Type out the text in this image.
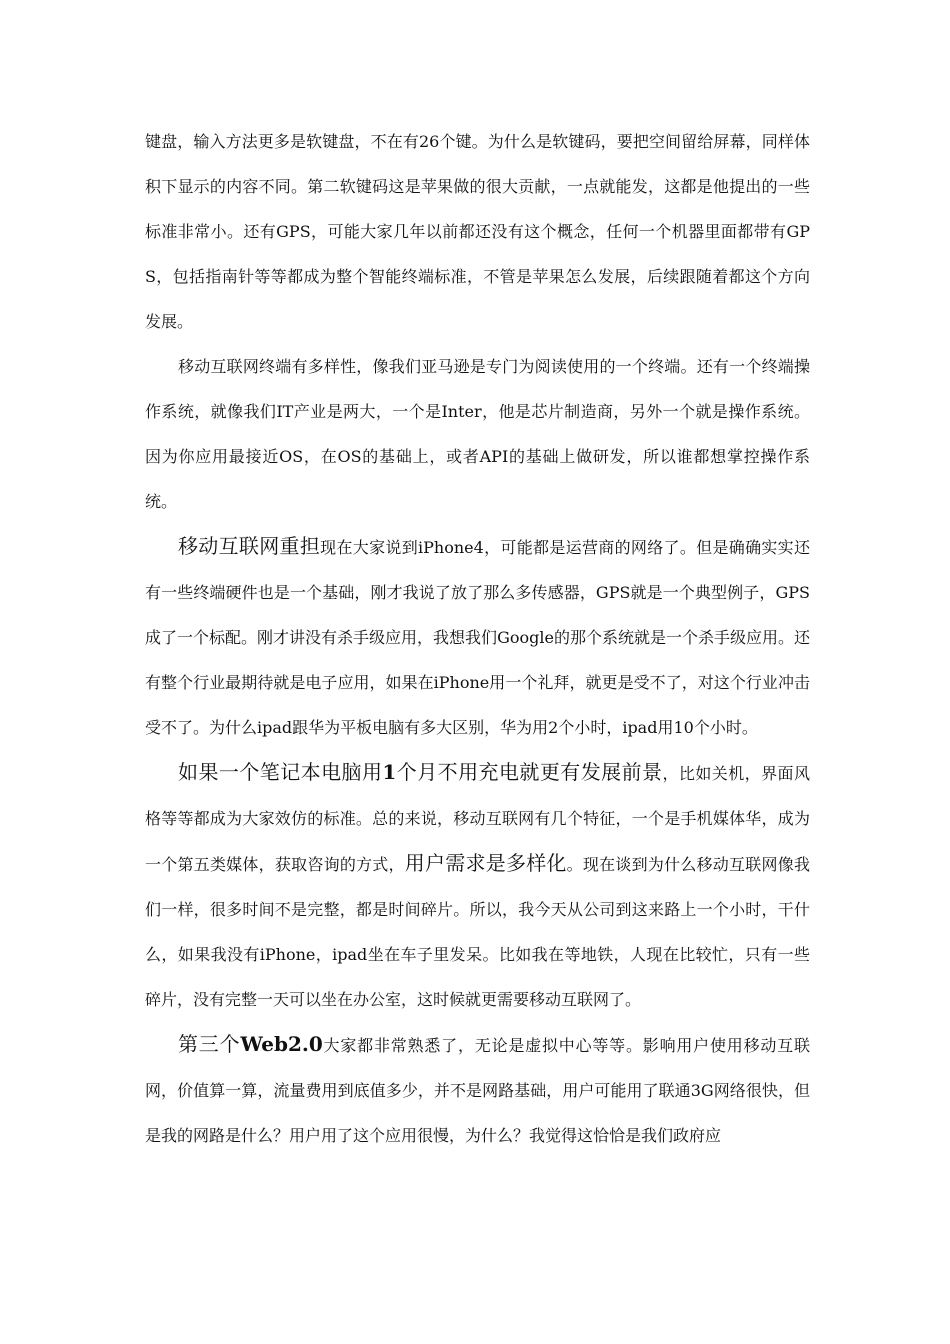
键盘，输入方法更多是软键盘，不在有26个键。为什么是软键码，要把空间留给屏幕，同样体积下显示的内容不同。第二软键码这是苹果做的很大贡献，一点就能发，这都是他提出的一些标准非常小。还有GPS，可能大家几年以前都还没有这个概念，任何一个机器里面都带有GPS，包括指南针等等都成为整个智能终端标准，不管是苹果怎么发展，后续跟随着都这个方向发展。

移动互联网终端有多样性，像我们亚马逊是专门为阅读使用的一个终端。还有一个终端操作系统，就像我们IT产业是两大，一个是Inter，他是芯片制造商，另外一个就是操作系统。因为你应用最接近OS，在OS的基础上，或者API的基础上做研发，所以谁都想掌控操作系统。

移动互联网重担现在大家说到iPhone4，可能都是运营商的网络了。但是确确实实还有一些终端硬件也是一个基础，刚才我说了放了那么多传感器，GPS就是一个典型例子，GPS成了一个标配。刚才讲没有杀手级应用，我想我们Google的那个系统就是一个杀手级应用。还有整个行业最期待就是电子应用，如果在iPhone用一个礼拜，就更是受不了，对这个行业冲击受不了。为什么ipad跟华为平板电脑有多大区别，华为用2个小时，ipad用10个小时。

如果一个笔记本电脑用1个月不用充电就更有发展前景，比如关机，界面风格等等都成为大家效仿的标准。总的来说，移动互联网有几个特征，一个是手机媒体华，成为一个第五类媒体，获取咨询的方式，用户需求是多样化。现在谈到为什么移动互联网像我们一样，很多时间不是完整，都是时间碎片。所以，我今天从公司到这来路上一个小时，干什么，如果我没有iPhone，ipad坐在车子里发呆。比如我在等地铁，人现在比较忙，只有一些碎片，没有完整一天可以坐在办公室，这时候就更需要移动互联网了。

第三个Web2.0大家都非常熟悉了，无论是虚拟中心等等。影响用户使用移动互联网，价值算一算，流量费用到底值多少，并不是网路基础，用户可能用了联通3G网络很快，但是我的网路是什么？用户用了这个应用很慢，为什么？我觉得这恰恰是我们政府应
